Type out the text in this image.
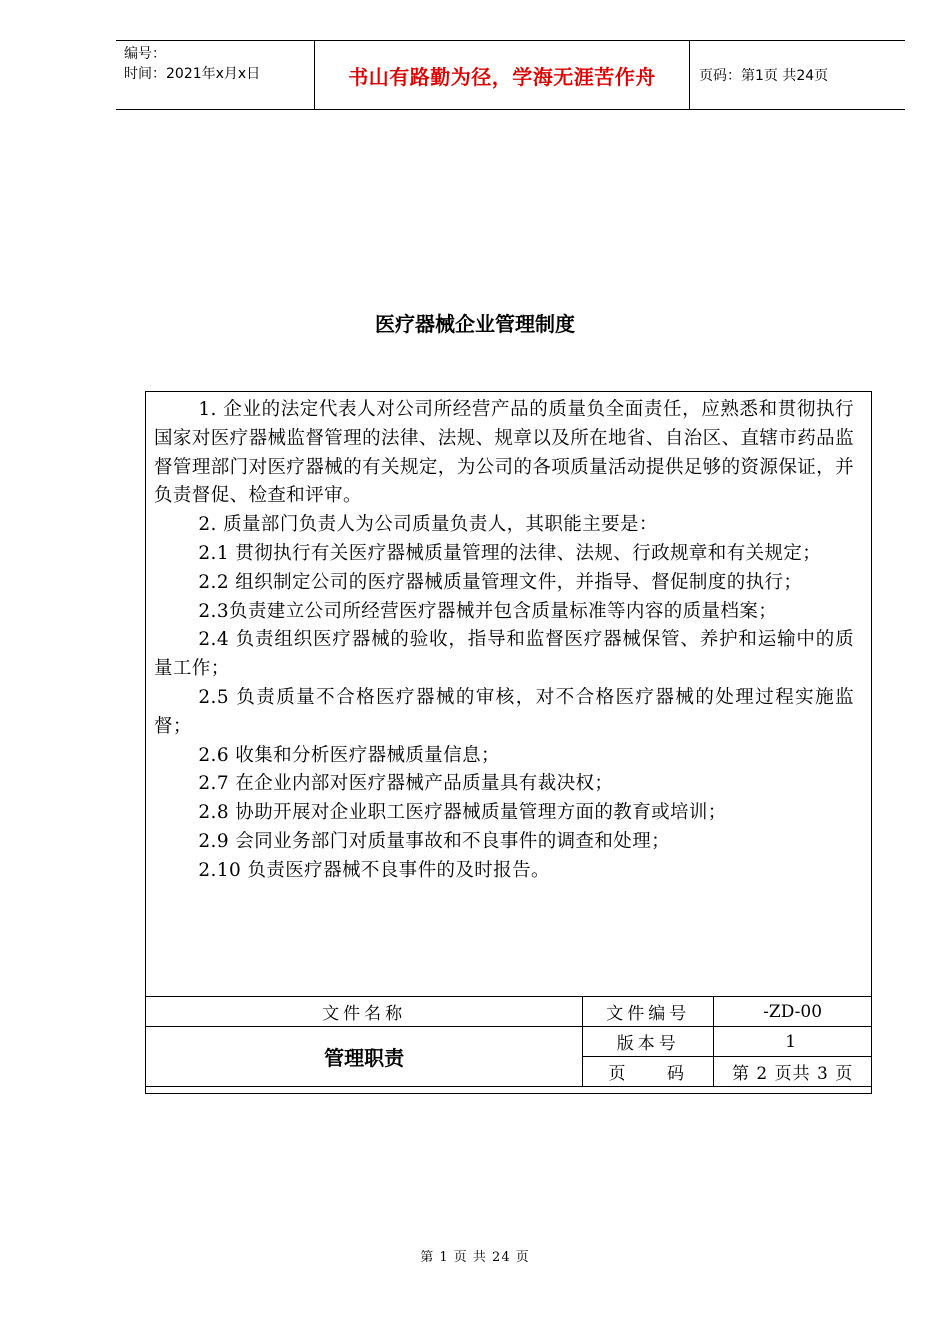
编号：
时间：2021年x月x日	书山有路勤为径，学海无涯苦作舟	页码：第1页 共24页
医疗器械企业管理制度

1. 企业的法定代表人对公司所经营产品的质量负全面责任，应熟悉和贯彻执行国家对医疗器械监督管理的法律、法规、规章以及所在地省、自治区、直辖市药品监督管理部门对医疗器械的有关规定，为公司的各项质量活动提供足够的资源保证，并负责督促、检查和评审。

2. 质量部门负责人为公司质量负责人，其职能主要是：

2.1 贯彻执行有关医疗器械质量管理的法律、法规、行政规章和有关规定；

2.2 组织制定公司的医疗器械质量管理文件，并指导、督促制度的执行；

2.3负责建立公司所经营医疗器械并包含质量标准等内容的质量档案；

2.4 负责组织医疗器械的验收，指导和监督医疗器械保管、养护和运输中的质量工作；

2.5 负责质量不合格医疗器械的审核，对不合格医疗器械的处理过程实施监督；

2.6 收集和分析医疗器械质量信息；

2.7 在企业内部对医疗器械产品质量具有裁决权；

2.8 协助开展对企业职工医疗器械质量管理方面的教育或培训；

2.9 会同业务部门对质量事故和不良事件的调查和处理；

2.10 负责医疗器械不良事件的及时报告。

文件名称	文件编号	-ZD-00
管理职责	版本号	1
	页    码	第 2 页共 3 页
第 1 页 共 24 页
